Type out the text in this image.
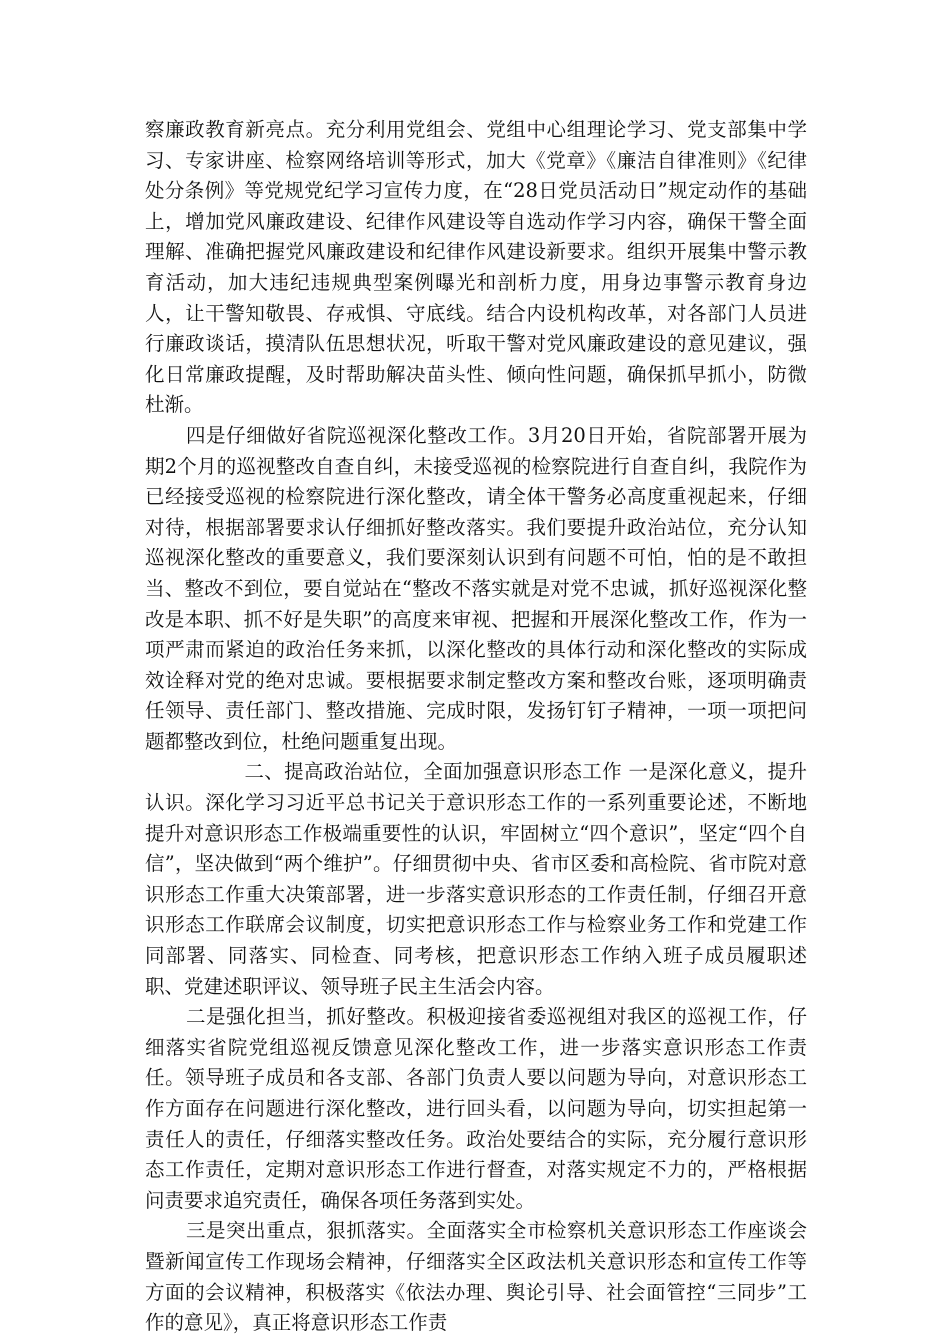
察廉政教育新亮点。充分利用党组会、党组中心组理论学习、党支部集中学习、专家讲座、检察网络培训等形式，加大《党章》《廉洁自律准则》《纪律处分条例》等党规党纪学习宣传力度，在“28日党员活动日”规定动作的基础上，增加党风廉政建设、纪律作风建设等自选动作学习内容，确保干警全面理解、准确把握党风廉政建设和纪律作风建设新要求。组织开展集中警示教育活动，加大违纪违规典型案例曝光和剖析力度，用身边事警示教育身边人，让干警知敬畏、存戒惧、守底线。结合内设机构改革，对各部门人员进行廉政谈话，摸清队伍思想状况，听取干警对党风廉政建设的意见建议，强化日常廉政提醒，及时帮助解决苗头性、倾向性问题，确保抓早抓小，防微杜渐。

四是仔细做好省院巡视深化整改工作。3月20日开始，省院部署开展为期2个月的巡视整改自查自纠，未接受巡视的检察院进行自查自纠，我院作为已经接受巡视的检察院进行深化整改，请全体干警务必高度重视起来，仔细对待，根据部署要求认仔细抓好整改落实。我们要提升政治站位，充分认知巡视深化整改的重要意义，我们要深刻认识到有问题不可怕，怕的是不敢担当、整改不到位，要自觉站在“整改不落实就是对党不忠诚，抓好巡视深化整改是本职、抓不好是失职”的高度来审视、把握和开展深化整改工作，作为一项严肃而紧迫的政治任务来抓，以深化整改的具体行动和深化整改的实际成效诠释对党的绝对忠诚。要根据要求制定整改方案和整改台账，逐项明确责任领导、责任部门、整改措施、完成时限，发扬钉钉子精神，一项一项把问题都整改到位，杜绝问题重复出现。

二、提高政治站位，全面加强意识形态工作 一是深化意义，提升认识。深化学习习近平总书记关于意识形态工作的一系列重要论述，不断地提升对意识形态工作极端重要性的认识，牢固树立“四个意识”，坚定“四个自信”，坚决做到“两个维护”。仔细贯彻中央、省市区委和高检院、省市院对意识形态工作重大决策部署，进一步落实意识形态的工作责任制，仔细召开意识形态工作联席会议制度，切实把意识形态工作与检察业务工作和党建工作同部署、同落实、同检查、同考核，把意识形态工作纳入班子成员履职述职、党建述职评议、领导班子民主生活会内容。

二是强化担当，抓好整改。积极迎接省委巡视组对我区的巡视工作，仔细落实省院党组巡视反馈意见深化整改工作，进一步落实意识形态工作责任。领导班子成员和各支部、各部门负责人要以问题为导向，对意识形态工作方面存在问题进行深化整改，进行回头看，以问题为导向，切实担起第一责任人的责任，仔细落实整改任务。政治处要结合的实际，充分履行意识形态工作责任，定期对意识形态工作进行督查，对落实规定不力的，严格根据问责要求追究责任，确保各项任务落到实处。

三是突出重点，狠抓落实。全面落实全市检察机关意识形态工作座谈会暨新闻宣传工作现场会精神，仔细落实全区政法机关意识形态和宣传工作等方面的会议精神，积极落实《依法办理、舆论引导、社会面管控“三同步”工作的意见》，真正将意识形态工作责
